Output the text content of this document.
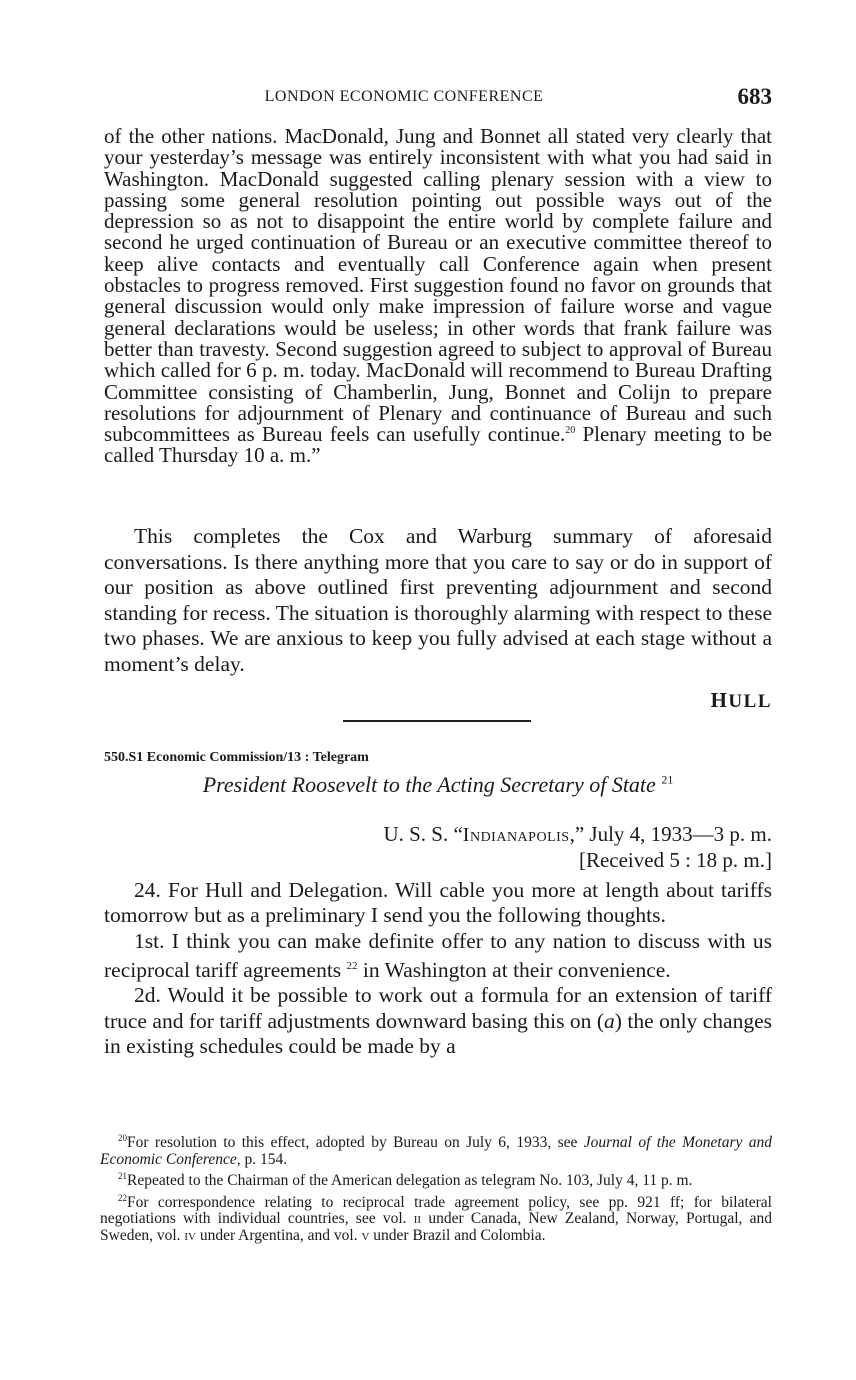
LONDON ECONOMIC CONFERENCE	683
of the other nations. MacDonald, Jung and Bonnet all stated very clearly that your yesterday’s message was entirely inconsistent with what you had said in Washington. MacDonald suggested calling plenary session with a view to passing some general resolution pointing out possible ways out of the depression so as not to disappoint the entire world by complete failure and second he urged continuation of Bureau or an executive committee thereof to keep alive contacts and eventually call Conference again when present obstacles to progress removed. First suggestion found no favor on grounds that general discussion would only make impression of failure worse and vague general declarations would be useless; in other words that frank failure was better than travesty. Second suggestion agreed to subject to approval of Bureau which called for 6 p. m. today. MacDonald will recommend to Bureau Drafting Committee consisting of Chamberlin, Jung, Bonnet and Colijn to prepare resolutions for adjournment of Plenary and continuance of Bureau and such subcommittees as Bureau feels can usefully continue.$^{20}$ Plenary meeting to be called Thursday 10 a. m.”
This completes the Cox and Warburg summary of aforesaid conversations. Is there anything more that you care to say or do in support of our position as above outlined first preventing adjournment and second standing for recess. The situation is thoroughly alarming with respect to these two phases. We are anxious to keep you fully advised at each stage without a moment’s delay.
HULL
550.S1 Economic Commission/13 : Telegram
President Roosevelt to the Acting Secretary of State $^{21}$
U. S. S. “Indianapolis,” July 4, 1933—3 p. m.
[Received 5 : 18 p. m.]

24. For Hull and Delegation. Will cable you more at length about tariffs tomorrow but as a preliminary I send you the following thoughts.

1st. I think you can make definite offer to any nation to discuss with us reciprocal tariff agreements $^{22}$ in Washington at their convenience.

2d. Would it be possible to work out a formula for an extension of tariff truce and for tariff adjustments downward basing this on (a) the only changes in existing schedules could be made by a

$^{20}$For resolution to this effect, adopted by Bureau on July 6, 1933, see Journal of the Monetary and Economic Conference, p. 154.

$^{21}$Repeated to the Chairman of the American delegation as telegram No. 103, July 4, 11 p. m.

$^{22}$For correspondence relating to reciprocal trade agreement policy, see pp. 921 ff; for bilateral negotiations with individual countries, see vol. ii under Canada, New Zealand, Norway, Portugal, and Sweden, vol. iv under Argentina, and vol. v under Brazil and Colombia.
